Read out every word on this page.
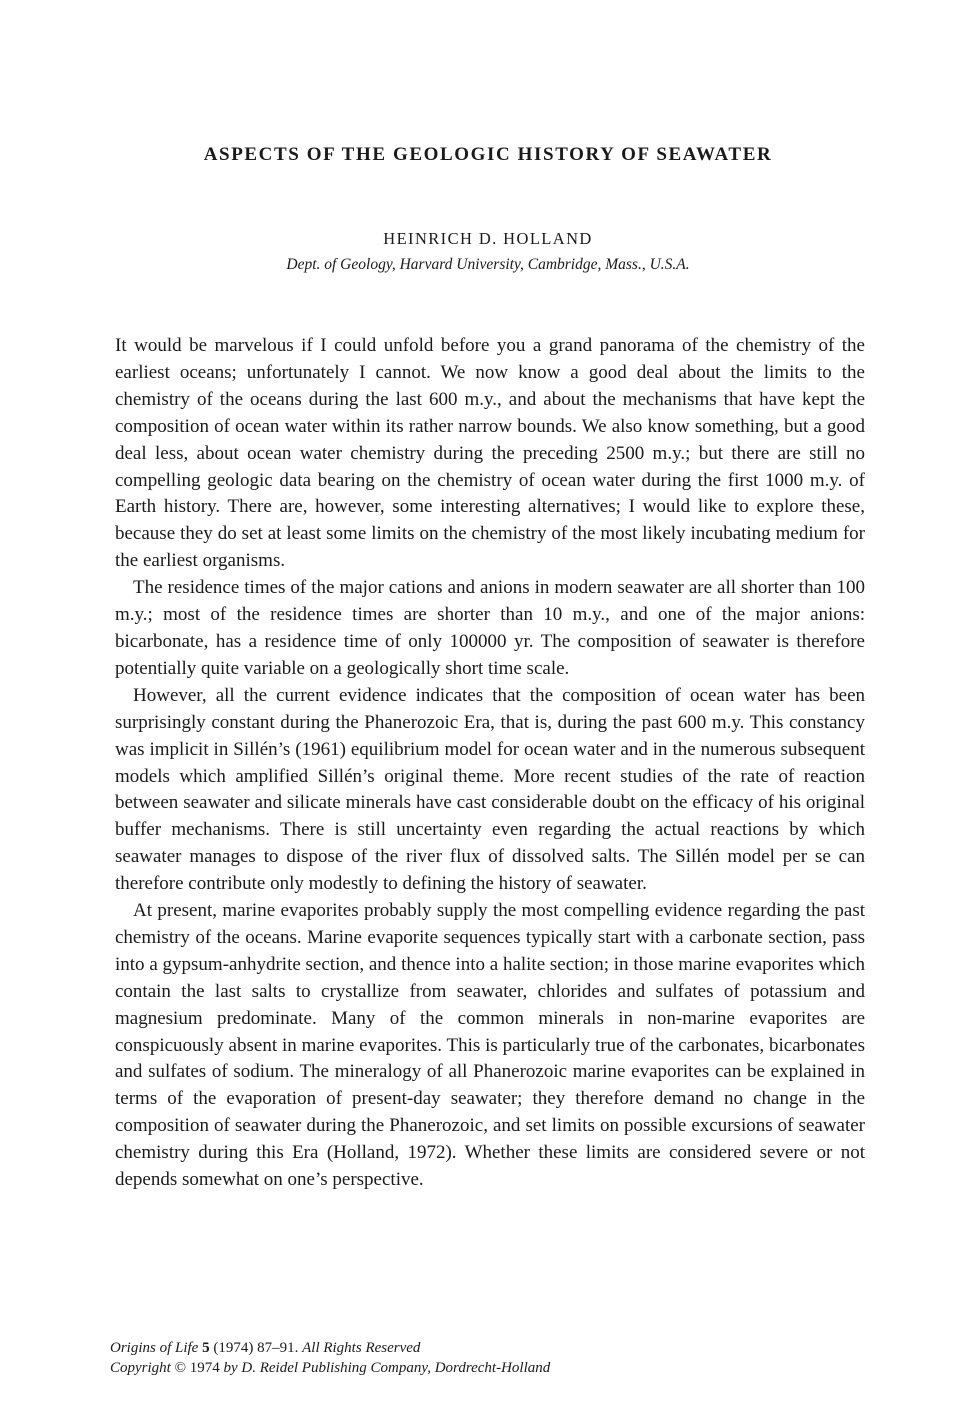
ASPECTS OF THE GEOLOGIC HISTORY OF SEAWATER
HEINRICH D. HOLLAND
Dept. of Geology, Harvard University, Cambridge, Mass., U.S.A.

It would be marvelous if I could unfold before you a grand panorama of the chemistry of the earliest oceans; unfortunately I cannot. We now know a good deal about the limits to the chemistry of the oceans during the last 600 m.y., and about the mechanisms that have kept the composition of ocean water within its rather narrow bounds. We also know something, but a good deal less, about ocean water chemistry during the preceding 2500 m.y.; but there are still no compelling geologic data bearing on the chemistry of ocean water during the first 1000 m.y. of Earth history. There are, however, some interesting alternatives; I would like to explore these, because they do set at least some limits on the chemistry of the most likely incubating medium for the earliest organisms.

The residence times of the major cations and anions in modern seawater are all shorter than 100 m.y.; most of the residence times are shorter than 10 m.y., and one of the major anions: bicarbonate, has a residence time of only 100000 yr. The composition of seawater is therefore potentially quite variable on a geologically short time scale.

However, all the current evidence indicates that the composition of ocean water has been surprisingly constant during the Phanerozoic Era, that is, during the past 600 m.y. This constancy was implicit in Sillén’s (1961) equilibrium model for ocean water and in the numerous subsequent models which amplified Sillén’s original theme. More recent studies of the rate of reaction between seawater and silicate minerals have cast considerable doubt on the efficacy of his original buffer mechanisms. There is still uncertainty even regarding the actual reactions by which seawater manages to dispose of the river flux of dissolved salts. The Sillén model per se can therefore contribute only modestly to defining the history of seawater.

At present, marine evaporites probably supply the most compelling evidence regarding the past chemistry of the oceans. Marine evaporite sequences typically start with a carbonate section, pass into a gypsum-anhydrite section, and thence into a halite section; in those marine evaporites which contain the last salts to crystallize from seawater, chlorides and sulfates of potassium and magnesium predominate. Many of the common minerals in non-marine evaporites are conspicuously absent in marine evaporites. This is particularly true of the carbonates, bicarbonates and sulfates of sodium. The mineralogy of all Phanerozoic marine evaporites can be explained in terms of the evaporation of present-day seawater; they therefore demand no change in the composition of seawater during the Phanerozoic, and set limits on possible excursions of seawater chemistry during this Era (Holland, 1972). Whether these limits are considered severe or not depends somewhat on one’s perspective.

Origins of Life 5 (1974) 87–91. All Rights Reserved
Copyright © 1974 by D. Reidel Publishing Company, Dordrecht-Holland
